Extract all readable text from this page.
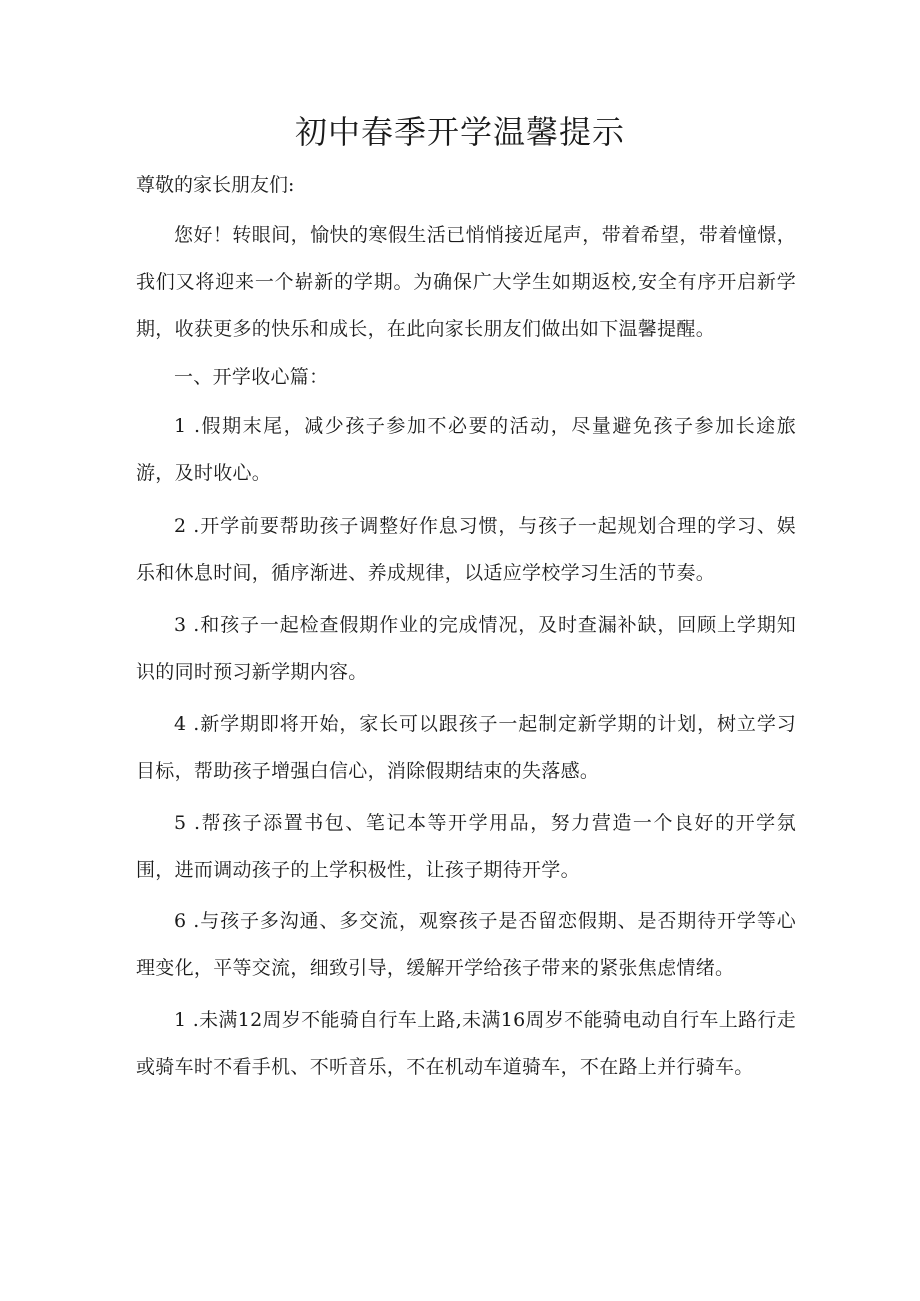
初中春季开学温馨提示

尊敬的家长朋友们:

您好！转眼间，愉快的寒假生活已悄悄接近尾声，带着希望，带着憧憬，我们又将迎来一个崭新的学期。为确保广大学生如期返校,安全有序开启新学期，收获更多的快乐和成长，在此向家长朋友们做出如下温馨提醒。

一、开学收心篇：

1 .假期末尾，减少孩子参加不必要的活动，尽量避免孩子参加长途旅游，及时收心。

2 .开学前要帮助孩子调整好作息习惯，与孩子一起规划合理的学习、娱乐和休息时间，循序渐进、养成规律，以适应学校学习生活的节奏。

3 .和孩子一起检查假期作业的完成情况，及时查漏补缺，回顾上学期知识的同时预习新学期内容。

4 .新学期即将开始，家长可以跟孩子一起制定新学期的计划，树立学习目标，帮助孩子增强白信心，消除假期结束的失落感。

5 .帮孩子添置书包、笔记本等开学用品，努力营造一个良好的开学氛围，进而调动孩子的上学积极性，让孩子期待开学。

6 .与孩子多沟通、多交流，观察孩子是否留恋假期、是否期待开学等心理变化，平等交流，细致引导，缓解开学给孩子带来的紧张焦虑情绪。

1 .未满12周岁不能骑自行车上路,未满16周岁不能骑电动自行车上路行走或骑车时不看手机、不听音乐，不在机动车道骑车，不在路上并行骑车。
